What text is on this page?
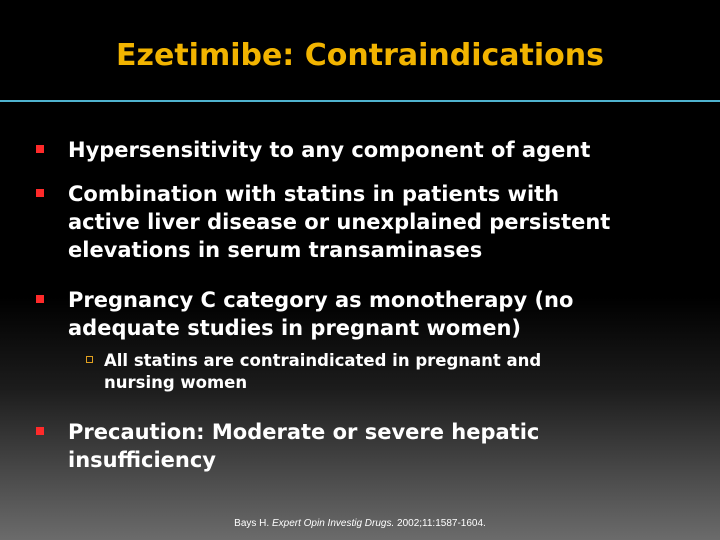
Ezetimibe: Contraindications
Hypersensitivity to any component of agent
Combination with statins in patients with
active liver disease or unexplained persistent
elevations in serum transaminases
Pregnancy C category as monotherapy (no
adequate studies in pregnant women)
All statins are contraindicated in pregnant and
nursing women
Precaution: Moderate or severe hepatic
insufficiency
Bays H. Expert Opin Investig Drugs. 2002;11:1587-1604.
